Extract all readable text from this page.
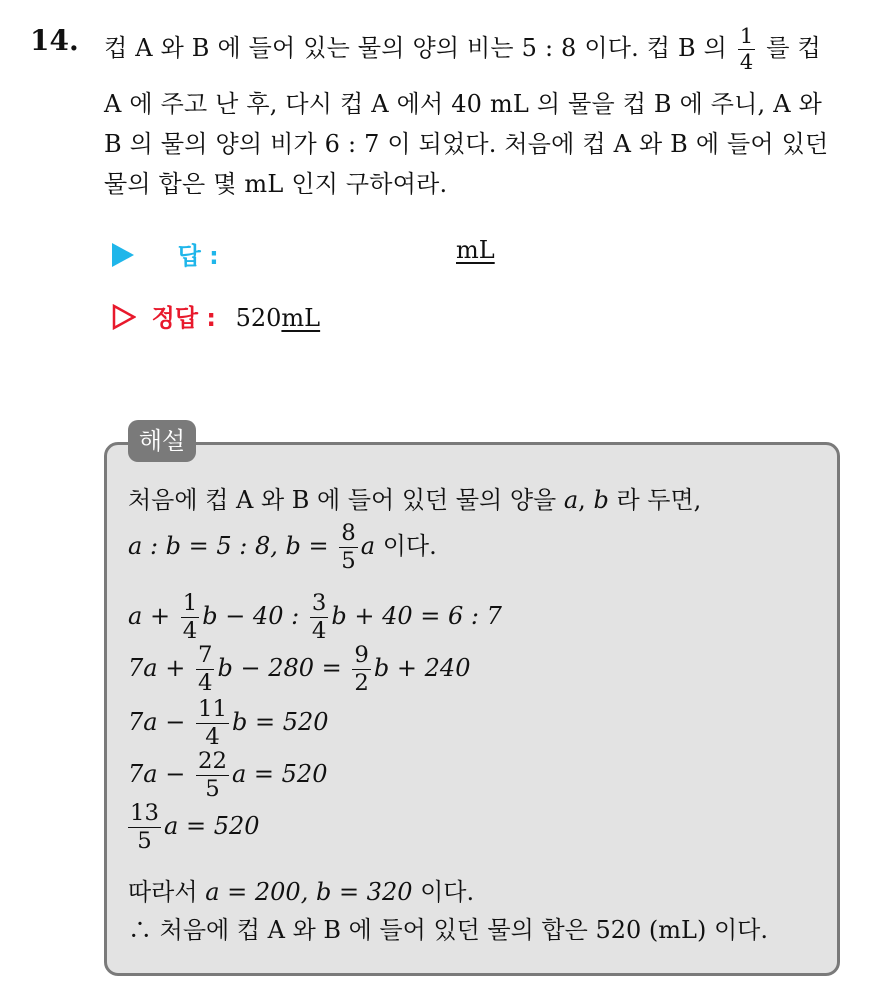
14. 컵 A 와 B 에 들어 있는 물의 양의 비는 5 : 8 이다. 컵 B 의 $\frac{1}{4}$ 를 컵
A 에 주고 난 후, 다시 컵 A 에서 40 mL 의 물을 컵 B 에 주니, A 와
B 의 물의 양의 비가 6 : 7 이 되었다. 처음에 컵 A 와 B 에 들어 있던
물의 합은 몇 mL 인지 구하여라.
답 :	mL
정답 : 520mL
해설
처음에 컵 A 와 B 에 들어 있던 물의 양을 a, b 라 두면,
a : b = 5 : 8, $b = \frac{8}{5}$ a 이다.
$a + \frac{1}{4}$ b − 40 : $\frac{3}{4}$ b + 40 = 6 : 7
$7a + \frac{7}{4}$ $b - 280 = \frac{9}{2}$ b + 240
$7a - \frac{11}{4}$ b = 520
$7a - \frac{22}{5}$ a = 520
$\frac{13}{5}$ a = 520
따라서 a = 200, b = 320 이다.
∴ 처음에 컵 A 와 B 에 들어 있던 물의 합은 520 (mL) 이다.
